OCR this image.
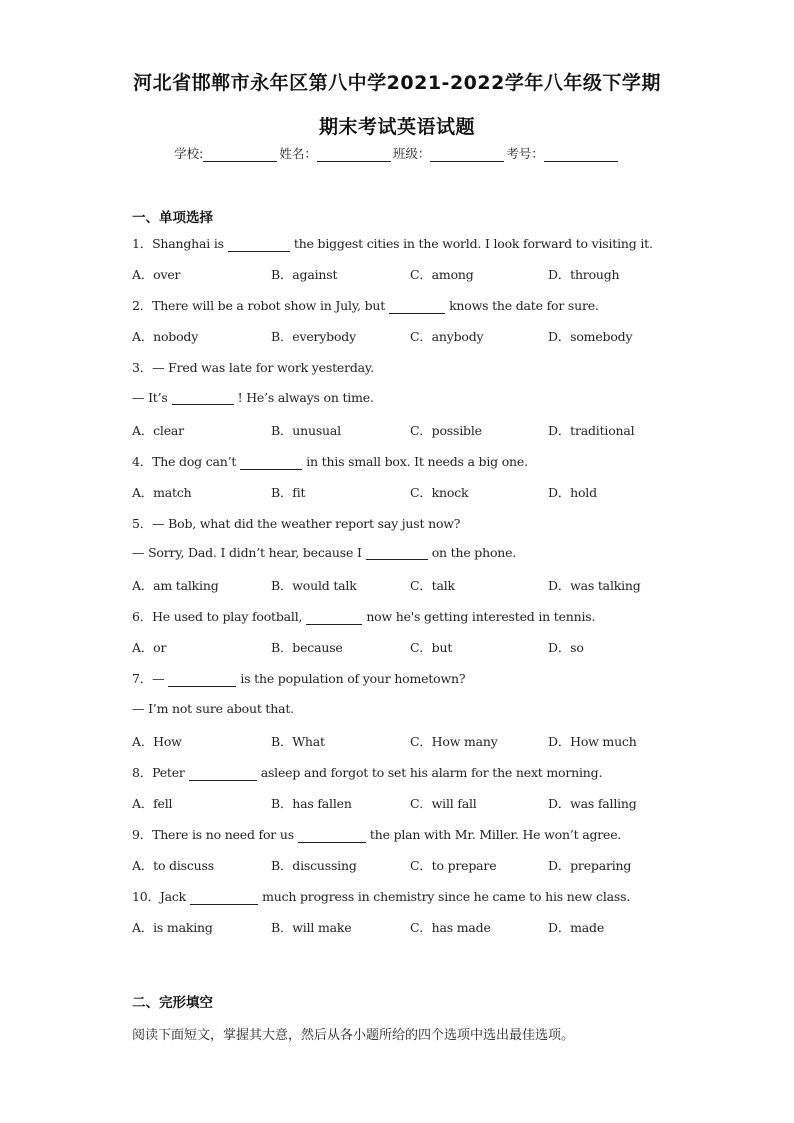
河北省邯郸市永年区第八中学2021-2022学年八年级下学期
期末考试英语试题
学校:	姓名：	班级：	考号：
一、单项选择
1．Shanghai is	the biggest cities in the world. I look forward to visiting it.
A．over	B．against	C．among	D．through
2．There will be a robot show in July, but	knows the date for sure.
A．nobody	B．everybody	C．anybody	D．somebody
3．— Fred was late for work yesterday.
— It’s	! He’s always on time.
A．clear	B．unusual	C．possible	D．traditional
4．The dog can’t	in this small box. It needs a big one.
A．match	B．fit	C．knock	D．hold
5．— Bob, what did the weather report say just now?
— Sorry, Dad. I didn’t hear, because I	on the phone.
A．am talking	B．would talk	C．talk	D．was talking
6．He used to play football,	now he's getting interested in tennis.
A．or	B．because	C．but	D．so
7．—	is the population of your hometown?
— I’m not sure about that.
A．How	B．What	C．How many	D．How much
8．Peter	asleep and forgot to set his alarm for the next morning.
A．fell	B．has fallen	C．will fall	D．was falling
9．There is no need for us	the plan with Mr. Miller. He won’t agree.
A．to discuss	B．discussing	C．to prepare	D．preparing
10．Jack	much progress in chemistry since he came to his new class.
A．is making	B．will make	C．has made	D．made
二、完形填空
阅读下面短文，掌握其大意，然后从各小题所给的四个选项中选出最佳选项。
